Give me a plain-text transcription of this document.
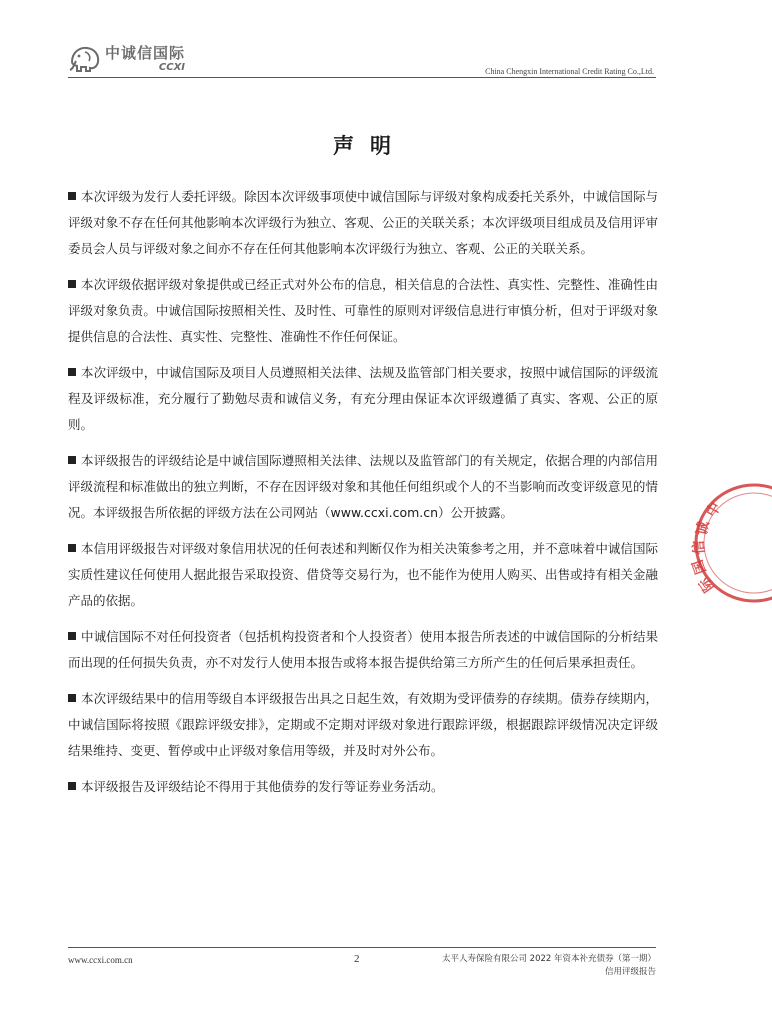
中诚信国际
CCXI	China Chengxin International Credit Rating Co.,Ltd.
声明

本次评级为发行人委托评级。除因本次评级事项使中诚信国际与评级对象构成委托关系外，中诚信国际与评级对象不存在任何其他影响本次评级行为独立、客观、公正的关联关系；本次评级项目组成员及信用评审委员会人员与评级对象之间亦不存在任何其他影响本次评级行为独立、客观、公正的关联关系。

本次评级依据评级对象提供或已经正式对外公布的信息，相关信息的合法性、真实性、完整性、准确性由评级对象负责。中诚信国际按照相关性、及时性、可靠性的原则对评级信息进行审慎分析，但对于评级对象提供信息的合法性、真实性、完整性、准确性不作任何保证。

本次评级中，中诚信国际及项目人员遵照相关法律、法规及监管部门相关要求，按照中诚信国际的评级流程及评级标准，充分履行了勤勉尽责和诚信义务，有充分理由保证本次评级遵循了真实、客观、公正的原则。

本评级报告的评级结论是中诚信国际遵照相关法律、法规以及监管部门的有关规定，依据合理的内部信用评级流程和标准做出的独立判断，不存在因评级对象和其他任何组织或个人的不当影响而改变评级意见的情况。本评级报告所依据的评级方法在公司网站（www.ccxi.com.cn）公开披露。

本信用评级报告对评级对象信用状况的任何表述和判断仅作为相关决策参考之用，并不意味着中诚信国际实质性建议任何使用人据此报告采取投资、借贷等交易行为，也不能作为使用人购买、出售或持有相关金融产品的依据。

中诚信国际不对任何投资者（包括机构投资者和个人投资者）使用本报告所表述的中诚信国际的分析结果而出现的任何损失负责，亦不对发行人使用本报告或将本报告提供给第三方所产生的任何后果承担责任。

本次评级结果中的信用等级自本评级报告出具之日起生效，有效期为受评债券的存续期。债券存续期内，中诚信国际将按照《跟踪评级安排》，定期或不定期对评级对象进行跟踪评级，根据跟踪评级情况决定评级结果维持、变更、暂停或中止评级对象信用等级，并及时对外公布。

本评级报告及评级结论不得用于其他债券的发行等证券业务活动。

中
诚
信
国
际
www.ccxi.com.cn	2	太平人寿保险有限公司 2022 年资本补充债券（第一期）
信用评级报告
